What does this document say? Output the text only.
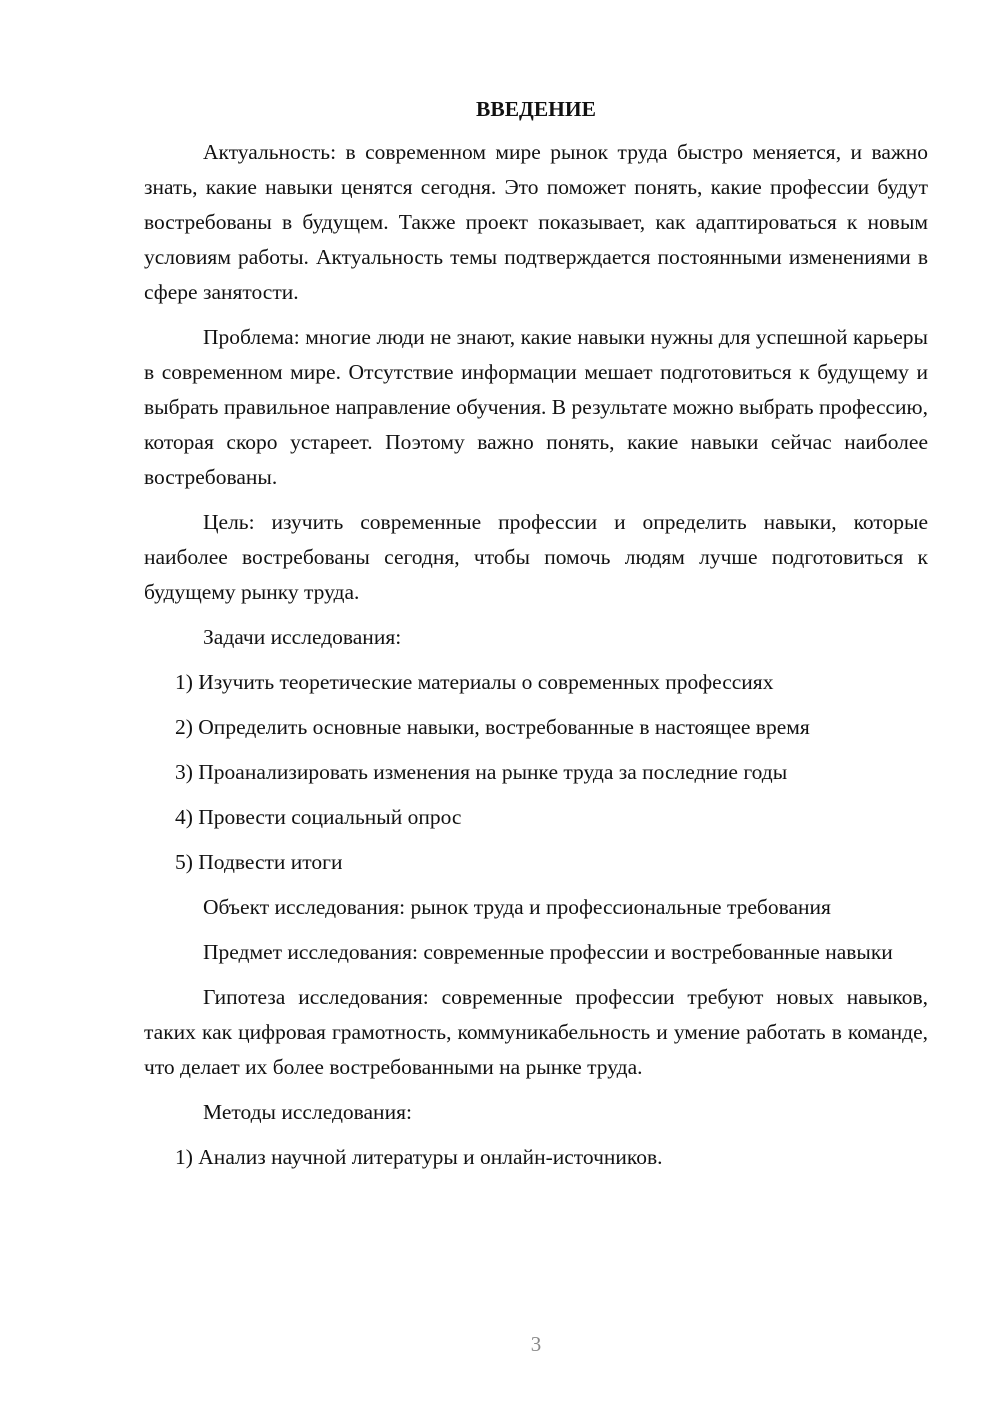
ВВЕДЕНИЕ

Актуальность: в современном мире рынок труда быстро меняется, и важно знать, какие навыки ценятся сегодня. Это поможет понять, какие профессии будут востребованы в будущем. Также проект показывает, как адаптироваться к новым условиям работы. Актуальность темы подтверждается постоянными изменениями в сфере занятости.

Проблема: многие люди не знают, какие навыки нужны для успешной карьеры в современном мире. Отсутствие информации мешает подготовиться к будущему и выбрать правильное направление обучения. В результате можно выбрать профессию, которая скоро устареет. Поэтому важно понять, какие навыки сейчас наиболее востребованы.

Цель: изучить современные профессии и определить навыки, которые наиболее востребованы сегодня, чтобы помочь людям лучше подготовиться к будущему рынку труда.

Задачи исследования:

1) Изучить теоретические материалы о современных профессиях

2) Определить основные навыки, востребованные в настоящее время

3) Проанализировать изменения на рынке труда за последние годы

4) Провести социальный опрос

5) Подвести итоги

Объект исследования: рынок труда и профессиональные требования

Предмет исследования: современные профессии и востребованные навыки

Гипотеза исследования: современные профессии требуют новых навыков, таких как цифровая грамотность, коммуникабельность и умение работать в команде, что делает их более востребованными на рынке труда.

Методы исследования:

1) Анализ научной литературы и онлайн-источников.

3
